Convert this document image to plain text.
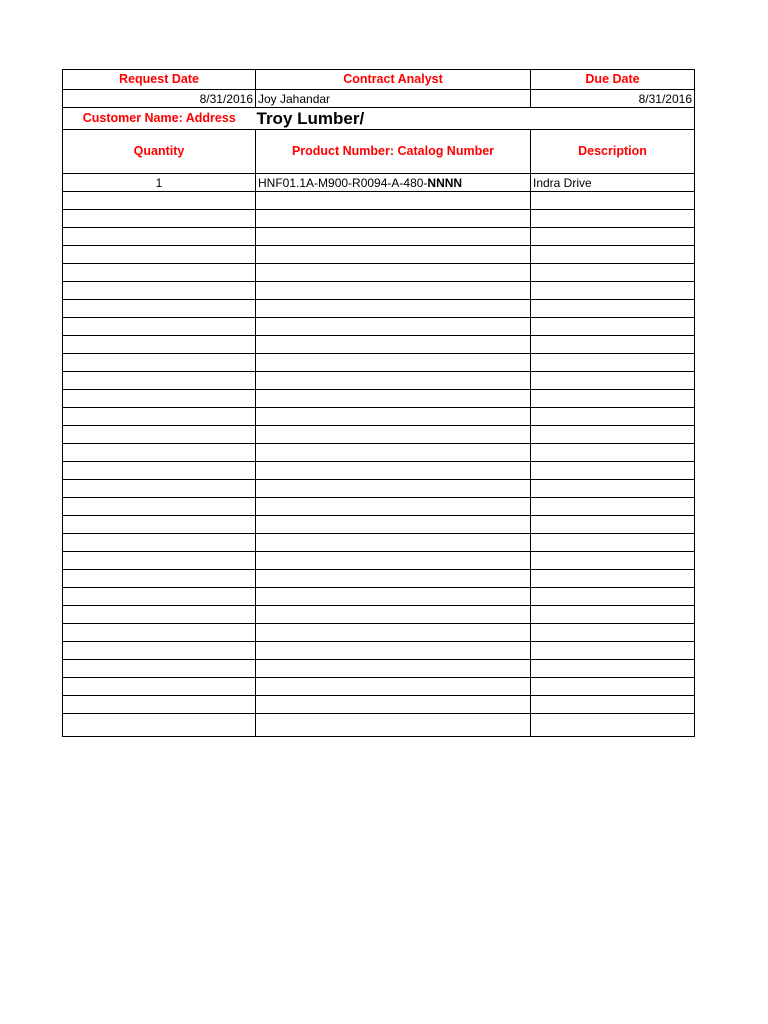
Request Date	Contract Analyst	Due Date
8/31/2016	Joy Jahandar	8/31/2016
Customer Name: Address	Troy Lumber/	
Quantity	Product Number: Catalog Number	Description
1	HNF01.1A-M900-R0094-A-480-NNNN	Indra Drive
